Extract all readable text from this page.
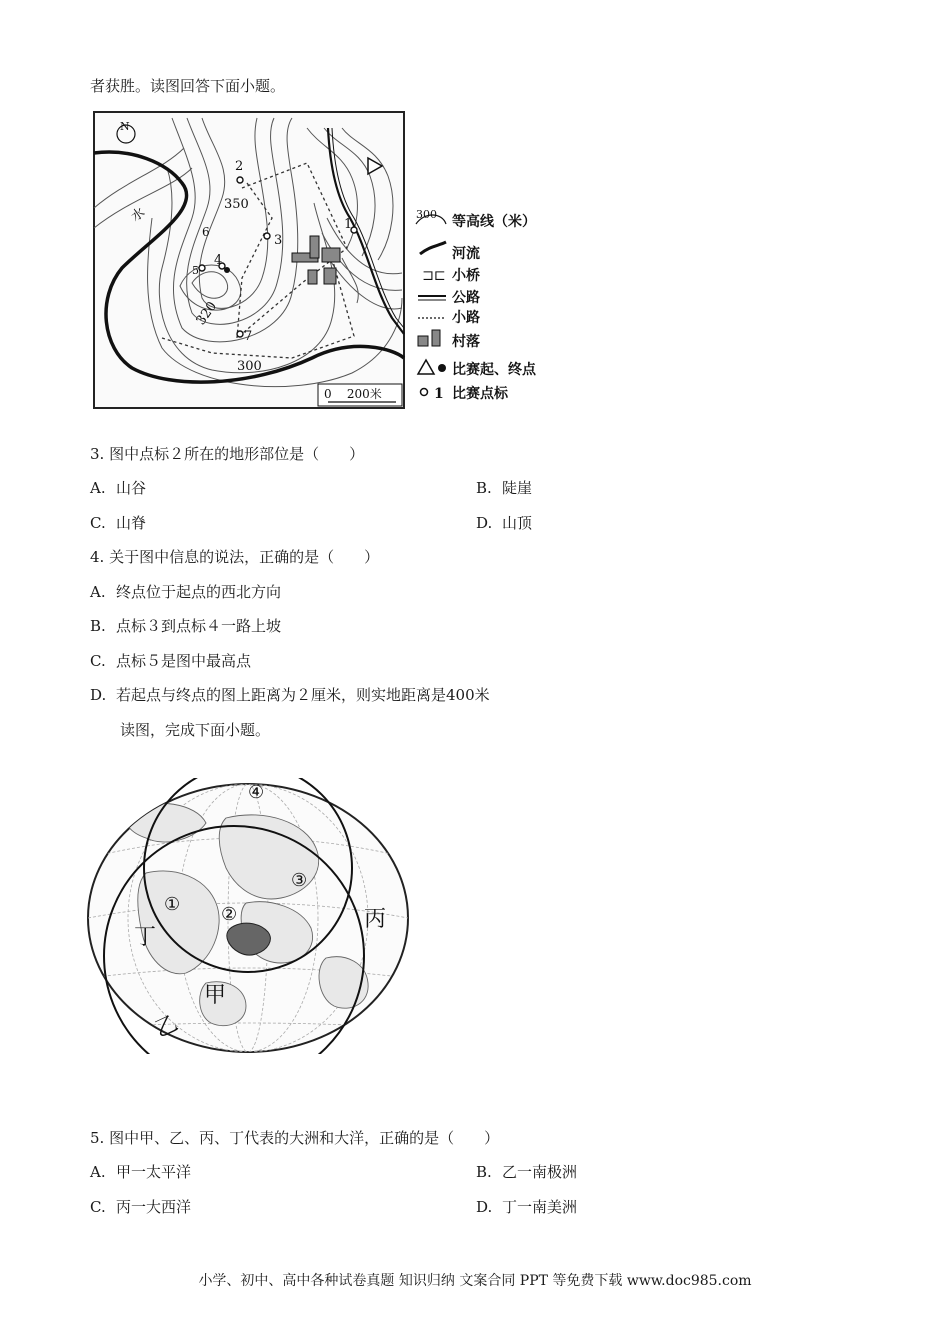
者获胜。读图回答下面小题。
N
350
320
300
1
2
3
4
5
6
7
水
0    200米
300 等高线（米）
河流
⊐⊏ 小桥
公路
小路
村落
比赛起、终点
1 比赛点标
3. 图中点标２所在的地形部位是（　　）
A. 山谷	B. 陡崖
C. 山脊	D. 山顶
4. 关于图中信息的说法，正确的是（　　）
A. 终点位于起点的西北方向
B. 点标３到点标４一路上坡
C. 点标５是图中最高点
D. 若起点与终点的图上距离为２厘米，则实地距离是400米
读图，完成下面小题。
① ②
③
④
甲
乙
丙
丁
5. 图中甲、乙、丙、丁代表的大洲和大洋，正确的是（　　）
A. 甲一太平洋	B. 乙一南极洲
C. 丙一大西洋	D. 丁一南美洲
小学、初中、高中各种试卷真题 知识归纳 文案合同 PPT 等免费下载 www.doc985.com
